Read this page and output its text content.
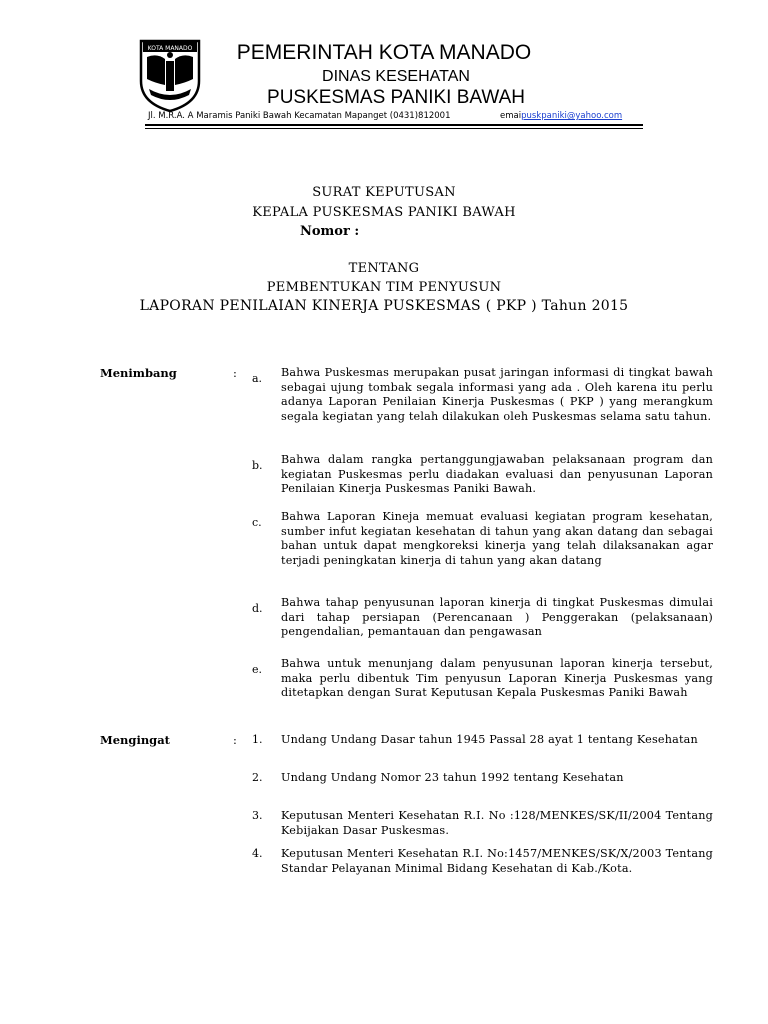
KOTA MANADO	PEMERINTAH KOTA MANADO
DINAS KESEHATAN
PUSKESMAS PANIKI BAWAH
Jl. M.R.A. A Maramis Paniki Bawah Kecamatan Mapanget (0431)812001	emaipuskpaniki@yahoo.com
SURAT KEPUTUSAN
KEPALA PUSKESMAS PANIKI BAWAH
Nomor :
TENTANG
PEMBENTUKAN TIM PENYUSUN
LAPORAN PENILAIAN KINERJA PUSKESMAS ( PKP ) Tahun 2015
Menimbang	: a. Bahwa Puskesmas merupakan pusat jaringan informasi di tingkat bawah sebagai ujung tombak segala informasi yang ada . Oleh karena itu perlu adanya Laporan Penilaian Kinerja Puskesmas ( PKP ) yang merangkum segala kegiatan yang telah dilakukan oleh Puskesmas selama satu tahun.
b. Bahwa dalam rangka pertanggungjawaban pelaksanaan program dan kegiatan Puskesmas perlu diadakan evaluasi dan penyusunan Laporan Penilaian Kinerja Puskesmas Paniki Bawah.
c. Bahwa Laporan Kineja memuat evaluasi kegiatan program kesehatan, sumber infut kegiatan kesehatan di tahun yang akan datang dan sebagai bahan untuk dapat mengkoreksi kinerja yang telah dilaksanakan agar terjadi peningkatan kinerja di tahun yang akan datang
d. Bahwa tahap penyusunan laporan kinerja di tingkat Puskesmas dimulai dari tahap persiapan (Perencanaan ) Penggerakan (pelaksanaan) pengendalian, pemantauan dan pengawasan
e. Bahwa untuk menunjang dalam penyusunan laporan kinerja tersebut, maka perlu dibentuk Tim penyusun Laporan Kinerja Puskesmas yang ditetapkan dengan Surat Keputusan Kepala Puskesmas Paniki Bawah
Mengingat	: 1. Undang Undang Dasar tahun 1945 Passal 28 ayat 1 tentang Kesehatan
2. Undang Undang Nomor 23 tahun 1992 tentang Kesehatan
3. Keputusan Menteri Kesehatan R.I. No :128/MENKES/SK/II/2004 Tentang Kebijakan Dasar Puskesmas.
4. Keputusan Menteri Kesehatan R.I. No:1457/MENKES/SK/X/2003 Tentang Standar Pelayanan Minimal Bidang Kesehatan di Kab./Kota.
